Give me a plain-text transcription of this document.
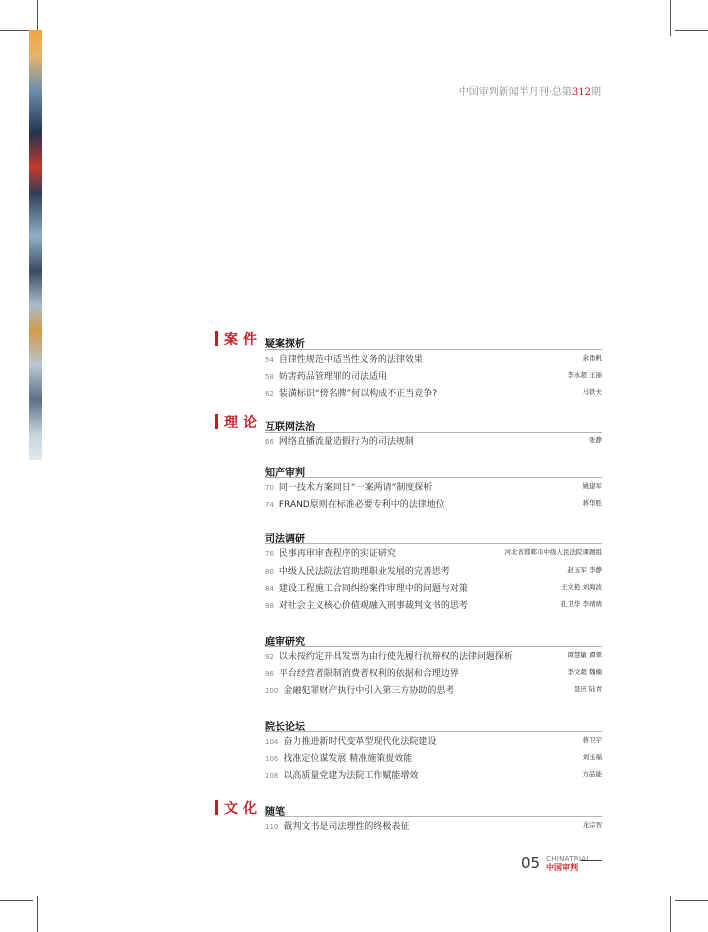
中国审判新闻半月刊·总第312期
案件
理论
文化
疑案探析
54 自律性规范中适当性义务的法律效果	余甬帆
58 妨害药品管理罪的司法适用	李永超 王丽
62 装潢标识“傍名牌”何以构成不正当竞争?	马铁夫
互联网法治
66 网络直播流量造假行为的司法规制	张静
知产审判
70 同一技术方案同日“一案两请”制度探析	姚建军
74 FRAND原则在标准必要专利中的法律地位	蒋华胜
司法调研
76 民事再审审查程序的实证研究	河北省邯郸市中级人民法院课题组
80 中级人民法院法官助理职业发展的完善思考	赵玉军 李静
84 建设工程施工合同纠纷案件审理中的问题与对策	王文艳 刘海波
88 对社会主义核心价值观融入刑事裁判文书的思考	孔卫华 李靖靖
庭审研究
92 以未按约定开具发票为由行使先履行抗辩权的法律问题探析	谭慧敏 谭翠
96 平台经营者限制消费者权利的依据和合理边界	李文超 魏楠
100 金融犯罪财产执行中引入第三方协助的思考	聂庆 陆青
院长论坛
104 奋力推进新时代变革型现代化法院建设	蒋卫宇
106 找准定位谋发展 精准施策提效能	刘玉福
108 以高质量党建为法院工作赋能增效	方品能
随笔
110 裁判文书是司法理性的终极表征	龙宗智
05 CHINATRIAL
中国审判
